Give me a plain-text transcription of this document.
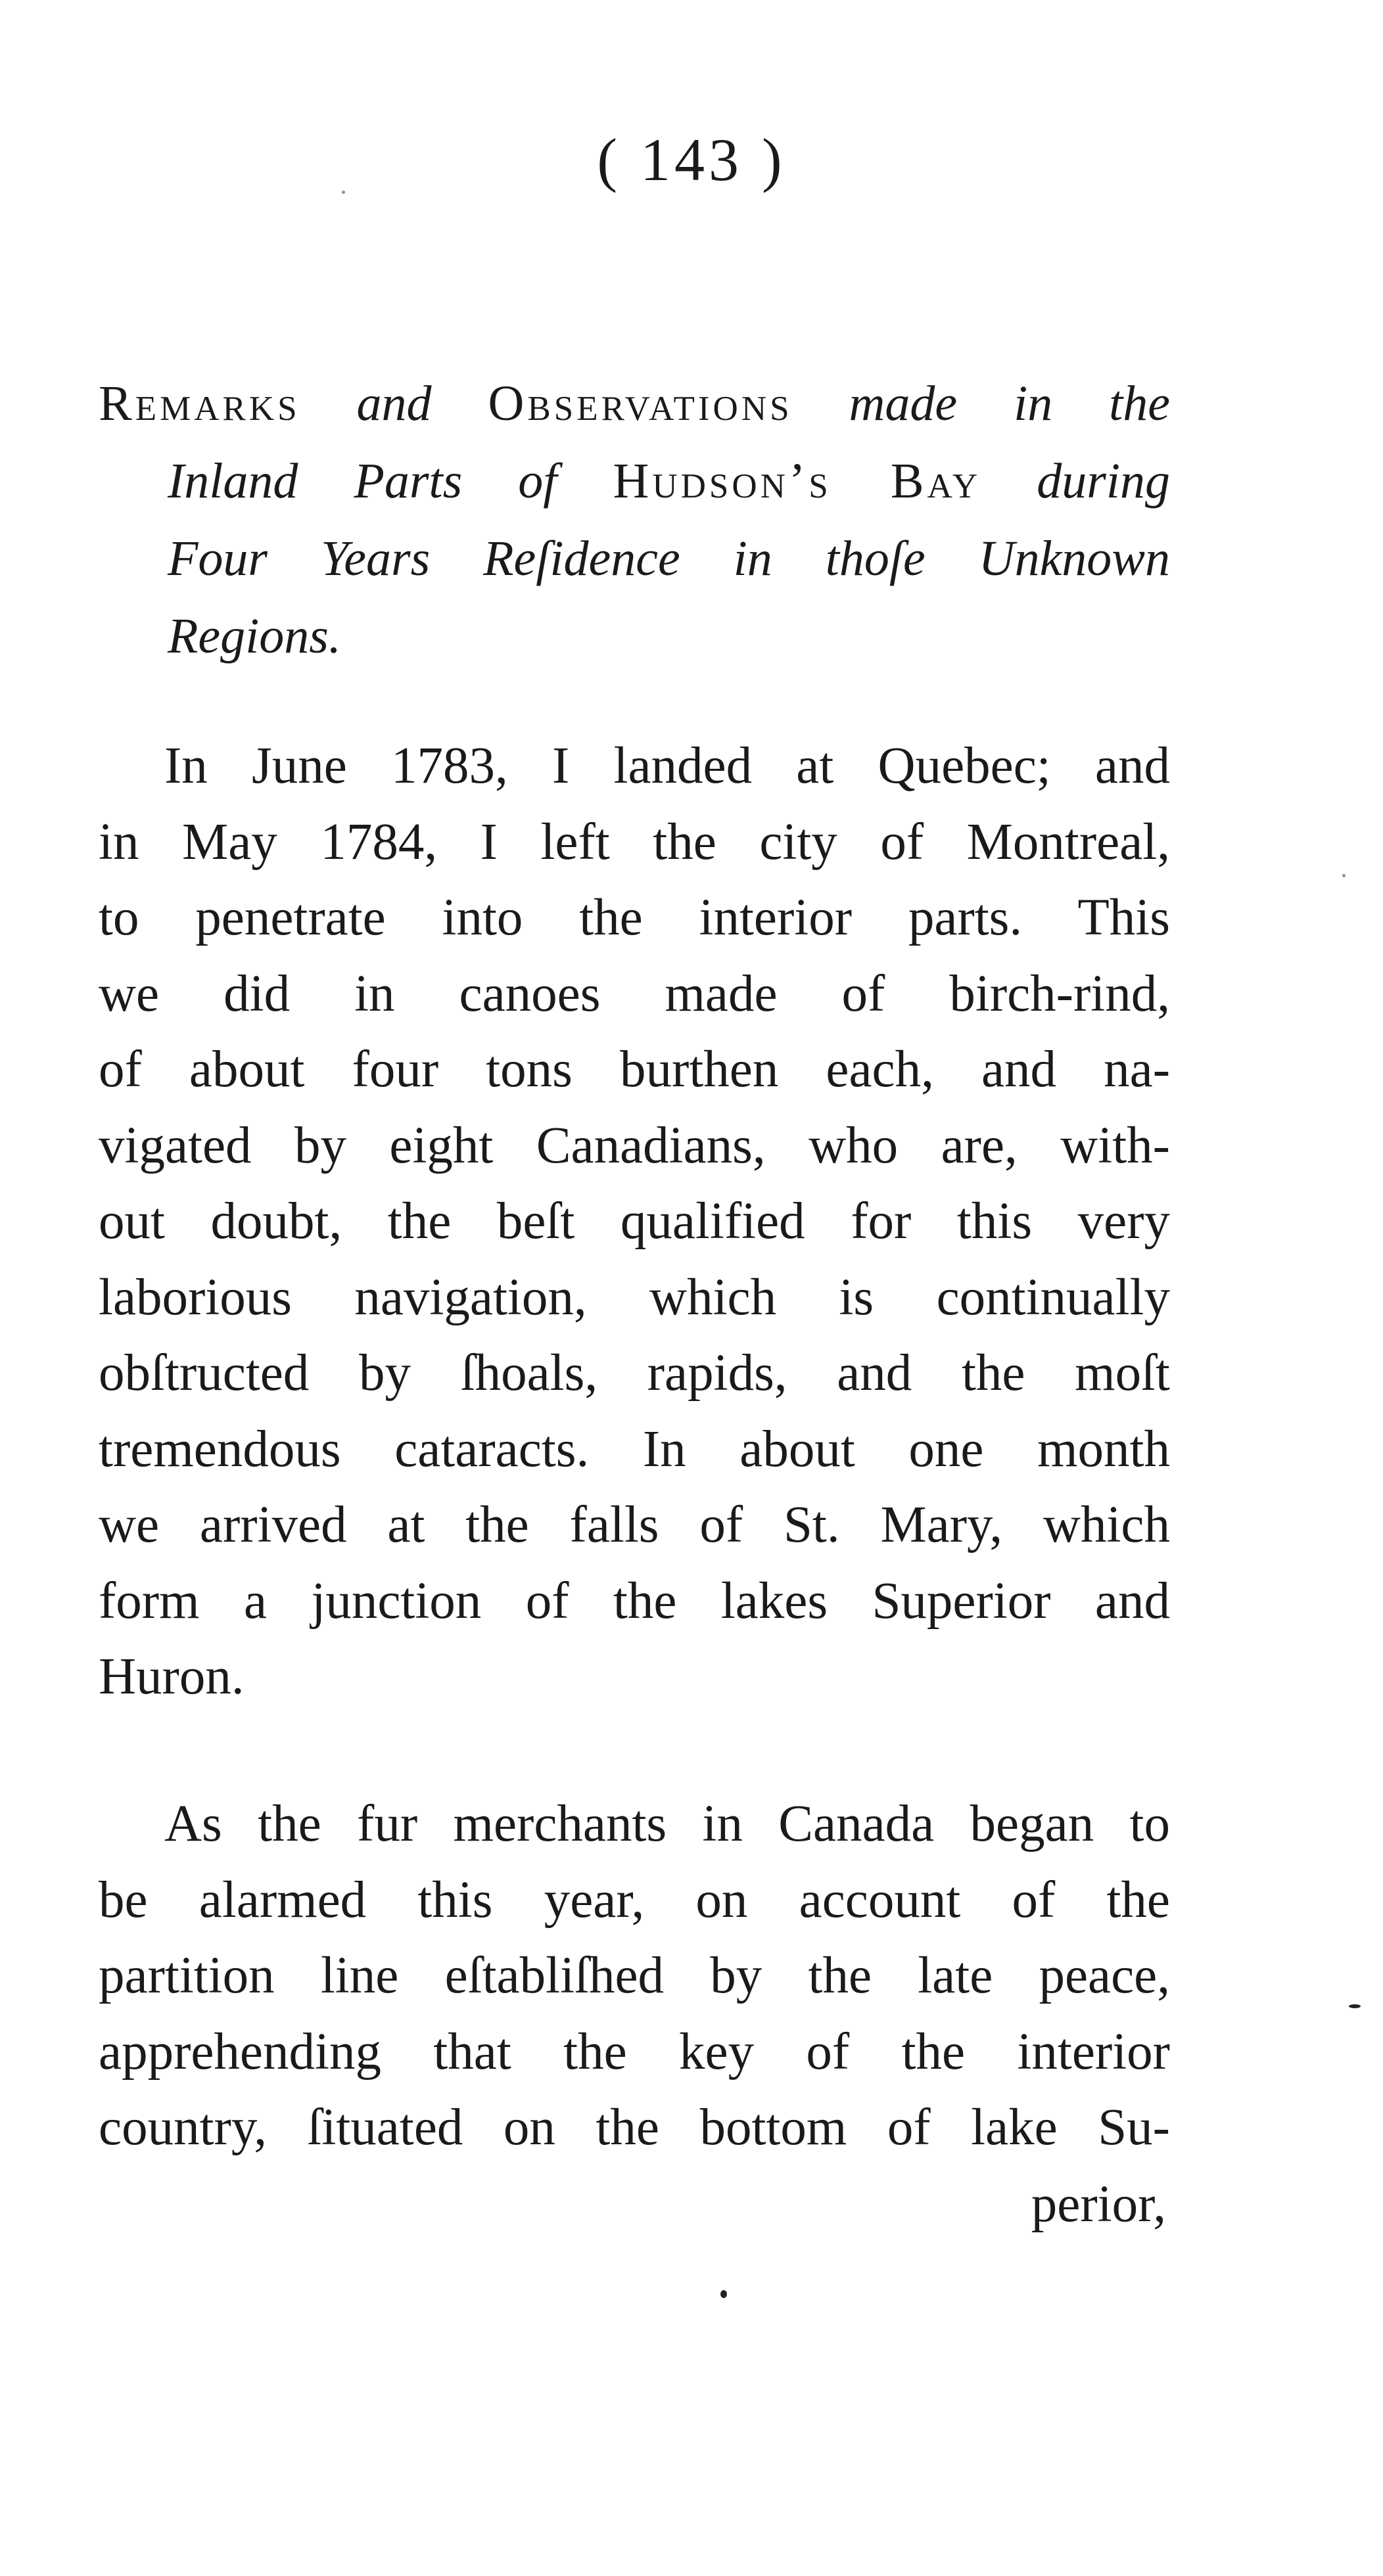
( 143 )
Remarks and Observations made in the
Inland Parts of Hudson’s Bay during
Four Years Reſidence in thoſe Unknown
Regions.
In June 1783, I landed at Quebec; and
in May 1784, I left the city of Montreal,
to penetrate into the interior parts. This
we did in canoes made of birch-rind,
of about four tons burthen each, and na-
vigated by eight Canadians, who are, with-
out doubt, the beſt qualified for this very
laborious navigation, which is continually
obſtructed by ſhoals, rapids, and the moſt
tremendous cataracts. In about one month
we arrived at the falls of St. Mary, which
form a junction of the lakes Superior and
Huron.
As the fur merchants in Canada began to
be alarmed this year, on account of the
partition line eſtabliſhed by the late peace,
apprehending that the key of the interior
country, ſituated on the bottom of lake Su-
perior,
